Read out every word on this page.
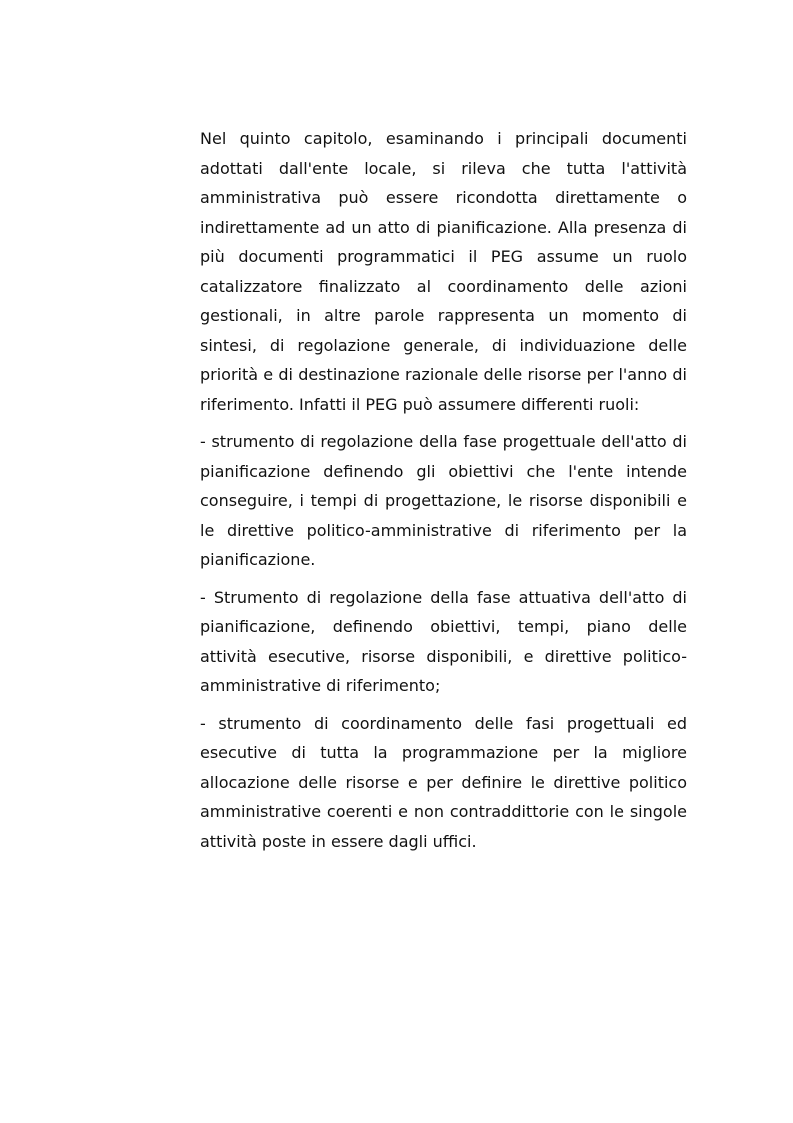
Nel quinto capitolo, esaminando i principali documenti adottati dall'ente locale, si rileva che tutta l'attività amministrativa può essere ricondotta direttamente o indirettamente ad un atto di pianificazione. Alla presenza di più documenti programmatici il PEG assume un ruolo catalizzatore finalizzato al coordinamento delle azioni gestionali, in altre parole rappresenta un momento di sintesi, di regolazione generale, di individuazione delle priorità e di destinazione razionale delle risorse per l'anno di riferimento. Infatti il PEG può assumere differenti ruoli:

- strumento di regolazione della fase progettuale dell'atto di pianificazione definendo gli obiettivi che l'ente intende conseguire, i tempi di progettazione, le risorse disponibili e le direttive politico-amministrative di riferimento per la pianificazione.

- Strumento di regolazione della fase attuativa dell'atto di pianificazione, definendo obiettivi, tempi, piano delle attività esecutive, risorse disponibili, e direttive politico-amministrative di riferimento;

- strumento di coordinamento delle fasi progettuali ed esecutive di tutta la programmazione per la migliore allocazione delle risorse e per definire le direttive politico amministrative coerenti e non contraddittorie con le singole attività poste in essere dagli uffici.
